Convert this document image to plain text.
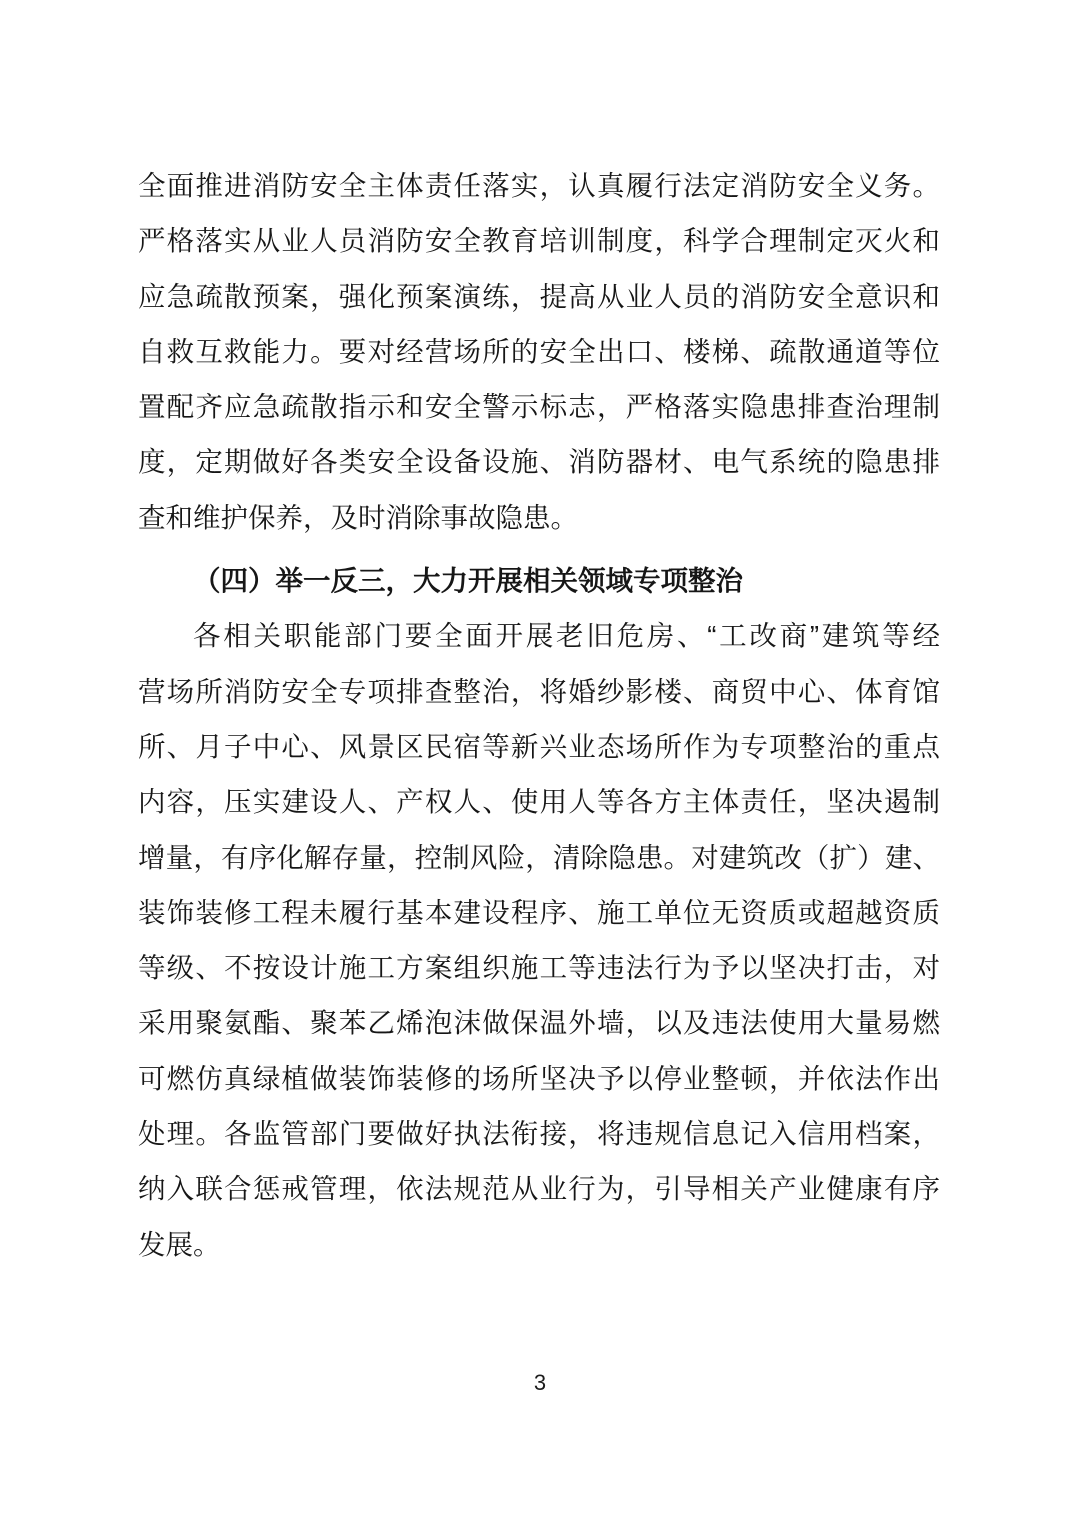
全面推进消防安全主体责任落实，认真履行法定消防安全义务。
严格落实从业人员消防安全教育培训制度，科学合理制定灭火和
应急疏散预案，强化预案演练，提高从业人员的消防安全意识和
自救互救能力。要对经营场所的安全出口、楼梯、疏散通道等位
置配齐应急疏散指示和安全警示标志，严格落实隐患排查治理制
度，定期做好各类安全设备设施、消防器材、电气系统的隐患排
查和维护保养，及时消除事故隐患。
（四）举一反三，大力开展相关领域专项整治
各相关职能部门要全面开展老旧危房、“工改商”建筑等经
营场所消防安全专项排查整治，将婚纱影楼、商贸中心、体育馆
所、月子中心、风景区民宿等新兴业态场所作为专项整治的重点
内容，压实建设人、产权人、使用人等各方主体责任，坚决遏制
增量，有序化解存量，控制风险，清除隐患。对建筑改（扩）建、
装饰装修工程未履行基本建设程序、施工单位无资质或超越资质
等级、不按设计施工方案组织施工等违法行为予以坚决打击，对
采用聚氨酯、聚苯乙烯泡沫做保温外墙，以及违法使用大量易燃
可燃仿真绿植做装饰装修的场所坚决予以停业整顿，并依法作出
处理。各监管部门要做好执法衔接，将违规信息记入信用档案，
纳入联合惩戒管理，依法规范从业行为，引导相关产业健康有序
发展。
3
